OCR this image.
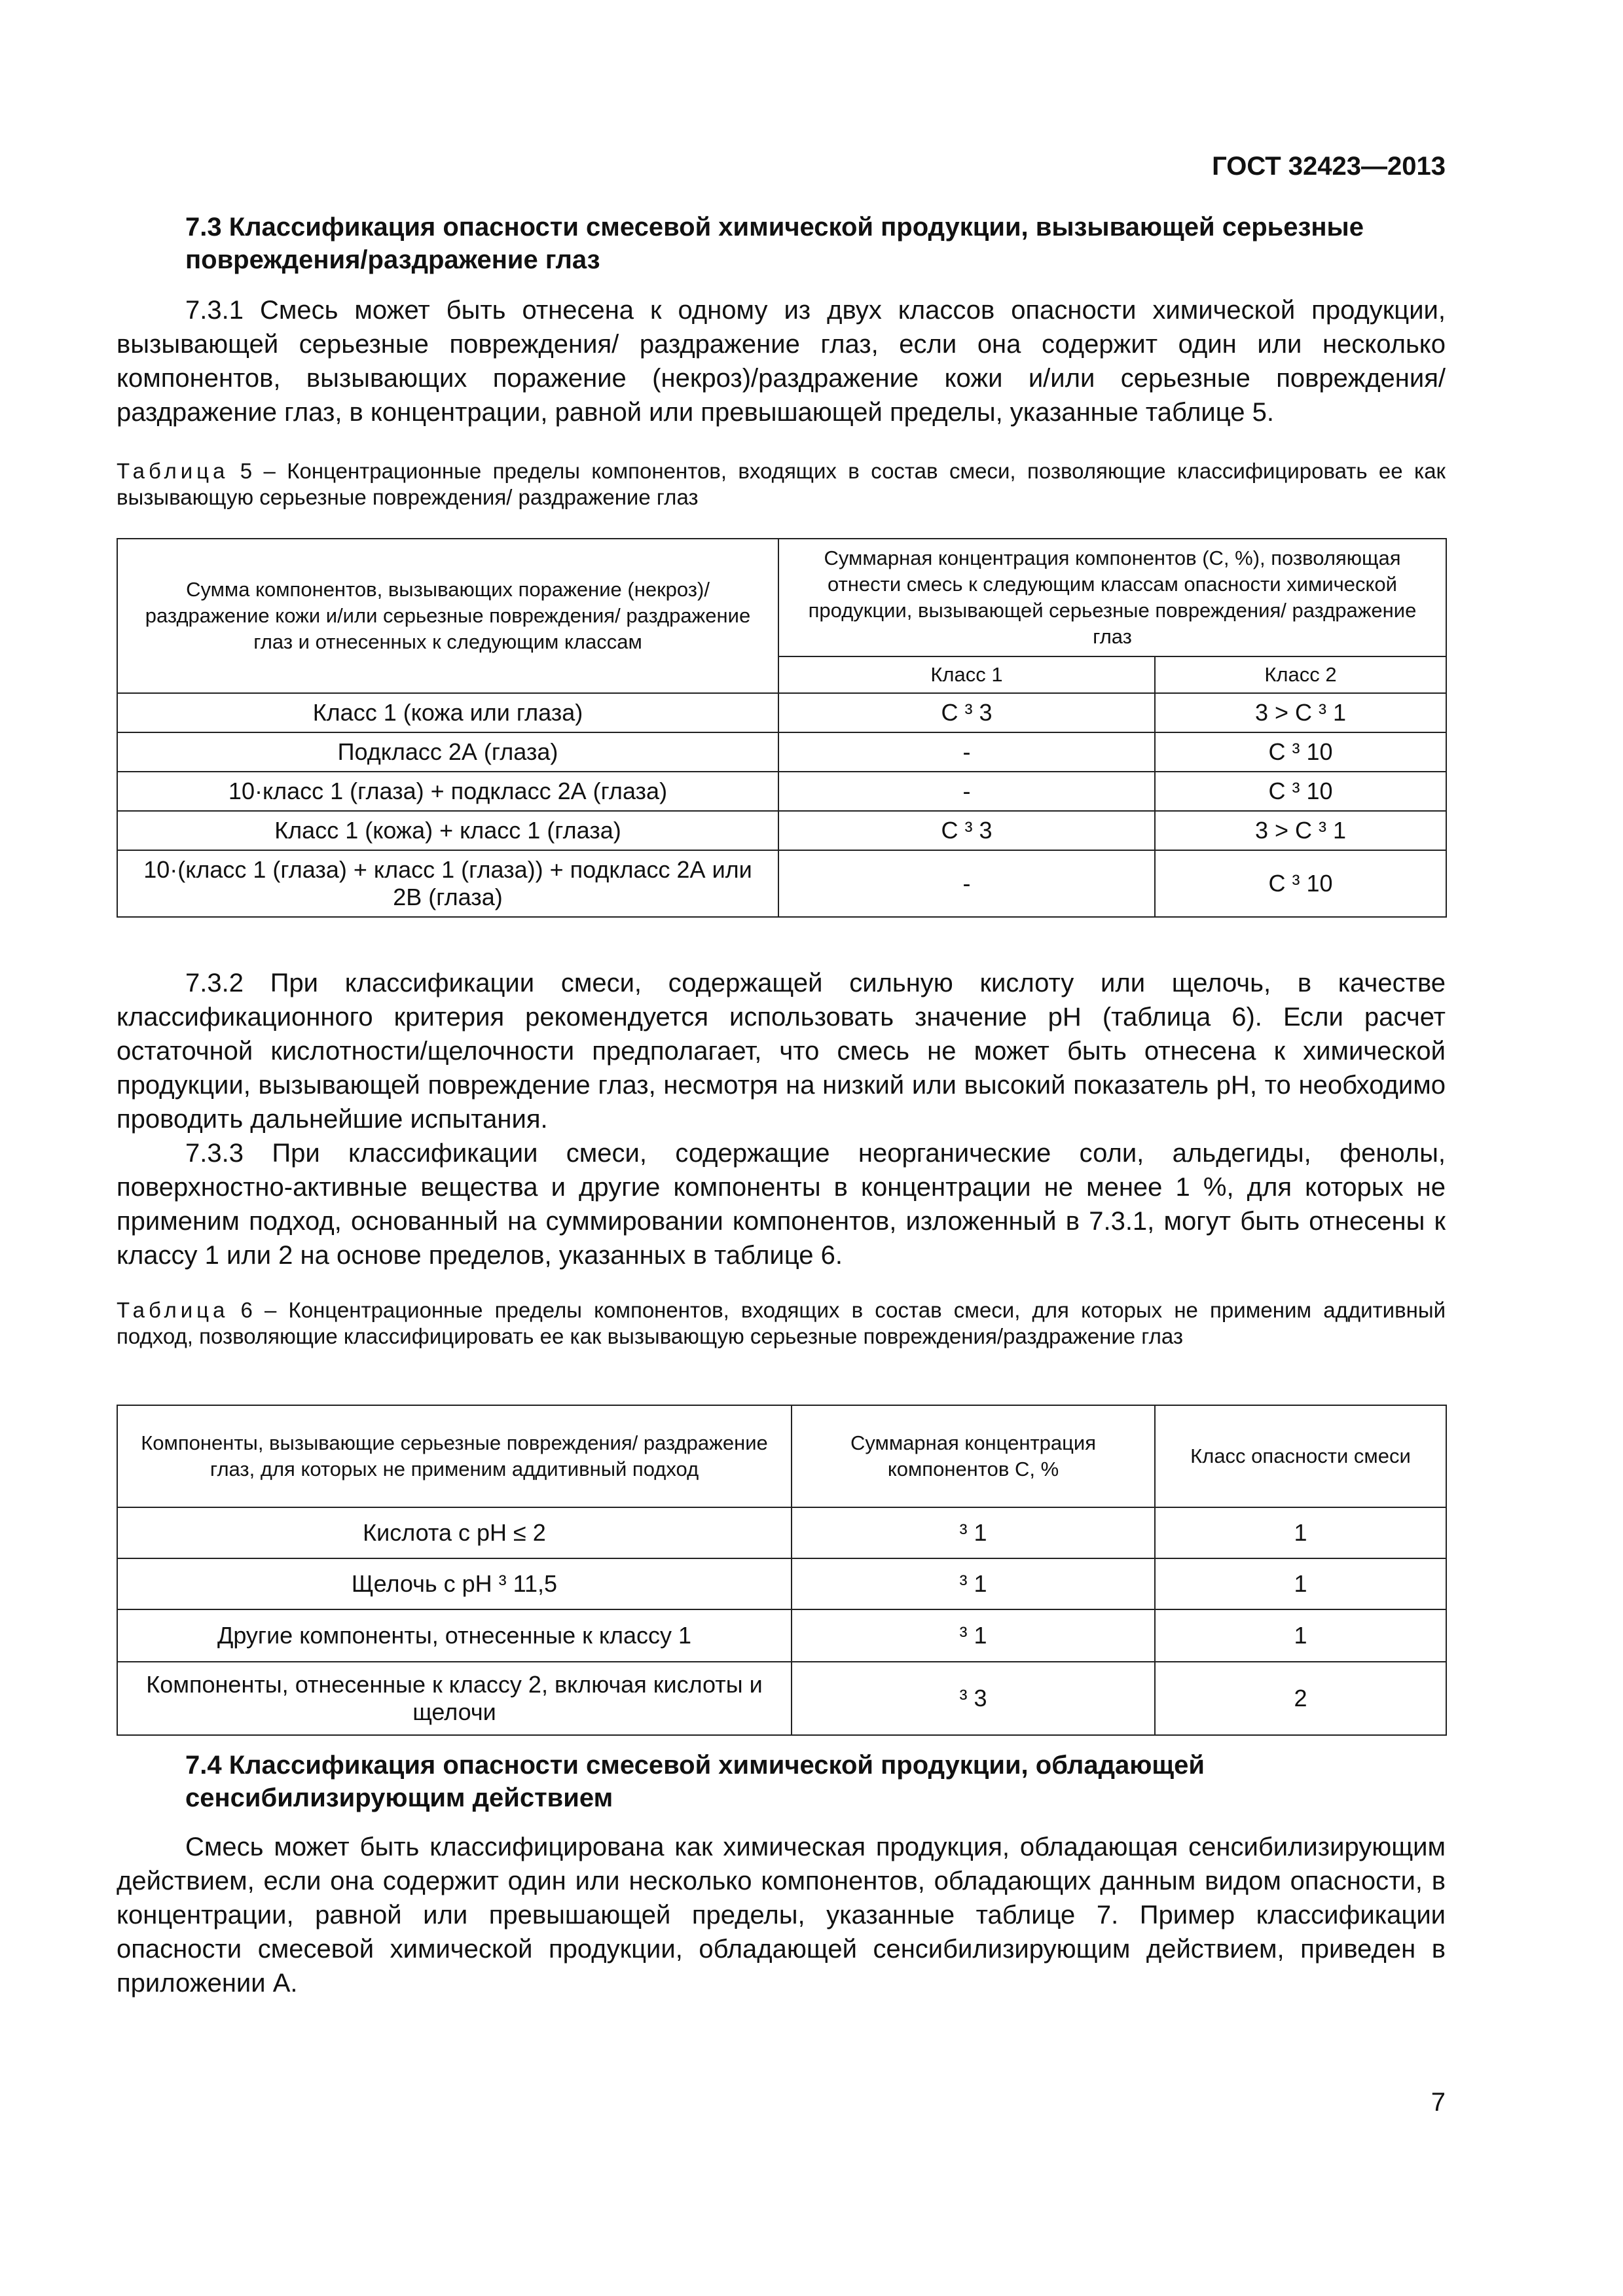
ГОСТ 32423—2013
7.3 Классификация опасности смесевой химической продукции, вызывающей серьезные повреждения/раздражение глаз
7.3.1 Смесь может быть отнесена к одному из двух классов опасности химической продукции, вызывающей серьезные повреждения/ раздражение глаз, если она содержит один или несколько компонентов, вызывающих поражение (некроз)/раздражение кожи и/или серьезные повреждения/раздражение глаз, в концентрации, равной или превышающей пределы, указанные таблице 5.
Таблица 5 – Концентрационные пределы компонентов, входящих в состав смеси, позволяющие классифицировать ее как вызывающую серьезные повреждения/ раздражение глаз
Сумма компонентов, вызывающих поражение (некроз)/ раздражение кожи и/или серьезные повреждения/ раздражение глаз и отнесенных к следующим классам	Суммарная концентрация компонентов (С, %), позволяющая отнести смесь к следующим классам опасности химической продукции, вызывающей серьезные повреждения/ раздражение глаз	
	Класс 1	Класс 2
Класс 1 (кожа или глаза)	C ³ 3	3 > C ³ 1
Подкласс 2А (глаза)	-	C ³ 10
10·класс 1 (глаза) + подкласс 2А (глаза)	-	C ³ 10
Класс 1 (кожа) + класс 1 (глаза)	C ³ 3	3 > C ³ 1
10·(класс 1 (глаза) + класс 1 (глаза)) + подкласс 2А или 2В (глаза)	-	C ³ 10
7.3.2 При классификации смеси, содержащей сильную кислоту или щелочь, в качестве классификационного критерия рекомендуется использовать значение pH (таблица 6). Если расчет остаточной кислотности/щелочности предполагает, что смесь не может быть отнесена к химической продукции, вызывающей повреждение глаз, несмотря на низкий или высокий показатель pH, то необходимо проводить дальнейшие испытания.
7.3.3 При классификации смеси, содержащие неорганические соли, альдегиды, фенолы, поверхностно-активные вещества и другие компоненты в концентрации не менее 1 %, для которых не применим подход, основанный на суммировании компонентов, изложенный в 7.3.1, могут быть отнесены к классу 1 или 2 на основе пределов, указанных в таблице 6.
Таблица 6 – Концентрационные пределы компонентов, входящих в состав смеси, для которых не применим аддитивный подход, позволяющие классифицировать ее как вызывающую серьезные повреждения/раздражение глаз
Компоненты, вызывающие серьезные повреждения/ раздражение глаз, для которых не применим аддитивный подход	Суммарная концентрация компонентов С, %	Класс опасности смеси
Кислота с pH ≤ 2	³ 1	1
Щелочь с pH ³ 11,5	³ 1	1
Другие компоненты, отнесенные к классу 1	³ 1	1
Компоненты, отнесенные к классу 2, включая кислоты и щелочи	³ 3	2
7.4 Классификация опасности смесевой химической продукции, обладающей сенсибилизирующим действием
Смесь может быть классифицирована как химическая продукция, обладающая сенсибилизирующим действием, если она содержит один или несколько компонентов, обладающих данным видом опасности, в концентрации, равной или превышающей пределы, указанные таблице 7. Пример классификации опасности смесевой химической продукции, обладающей сенсибилизирующим действием, приведен в приложении А.
7
